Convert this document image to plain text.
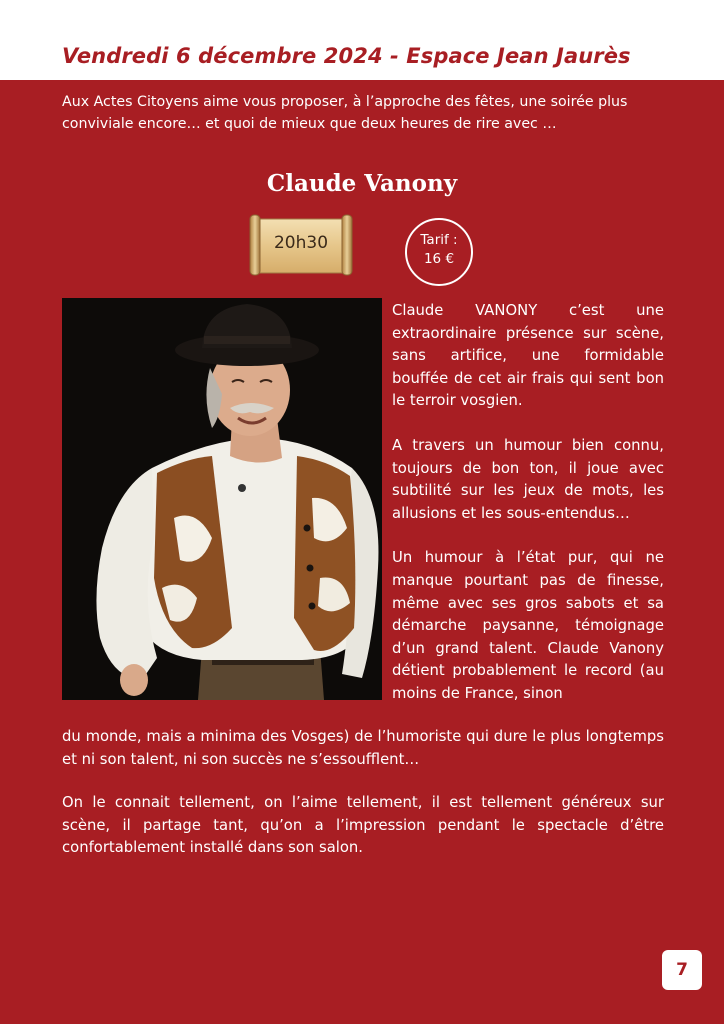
Vendredi 6 décembre 2024 - Espace Jean Jaurès
Aux Actes Citoyens aime vous proposer, à l’approche des fêtes, une soirée plus conviviale encore… et quoi de mieux que deux heures de rire avec …
Claude Vanony
20h30	Tarif :
16 €

Claude VANONY c’est une extraordinaire présence sur scène, sans artifice, une formidable bouffée de cet air frais qui sent bon le terroir vosgien.

A travers un humour bien connu, toujours de bon ton, il joue avec subtilité sur les jeux de mots, les allusions et les sous-entendus…

Un humour à l’état pur, qui ne manque pourtant pas de finesse, même avec ses gros sabots et sa démarche paysanne, témoignage d’un grand talent. Claude Vanony détient probablement le record (au moins de France, sinon

du monde, mais a minima des Vosges) de l’humoriste qui dure le plus longtemps et ni son talent, ni son succès ne s’essoufflent…
On le connait tellement, on l’aime tellement, il est tellement généreux sur scène, il partage tant, qu’on a l’impression pendant le spectacle d’être confortablement installé dans son salon.
7
